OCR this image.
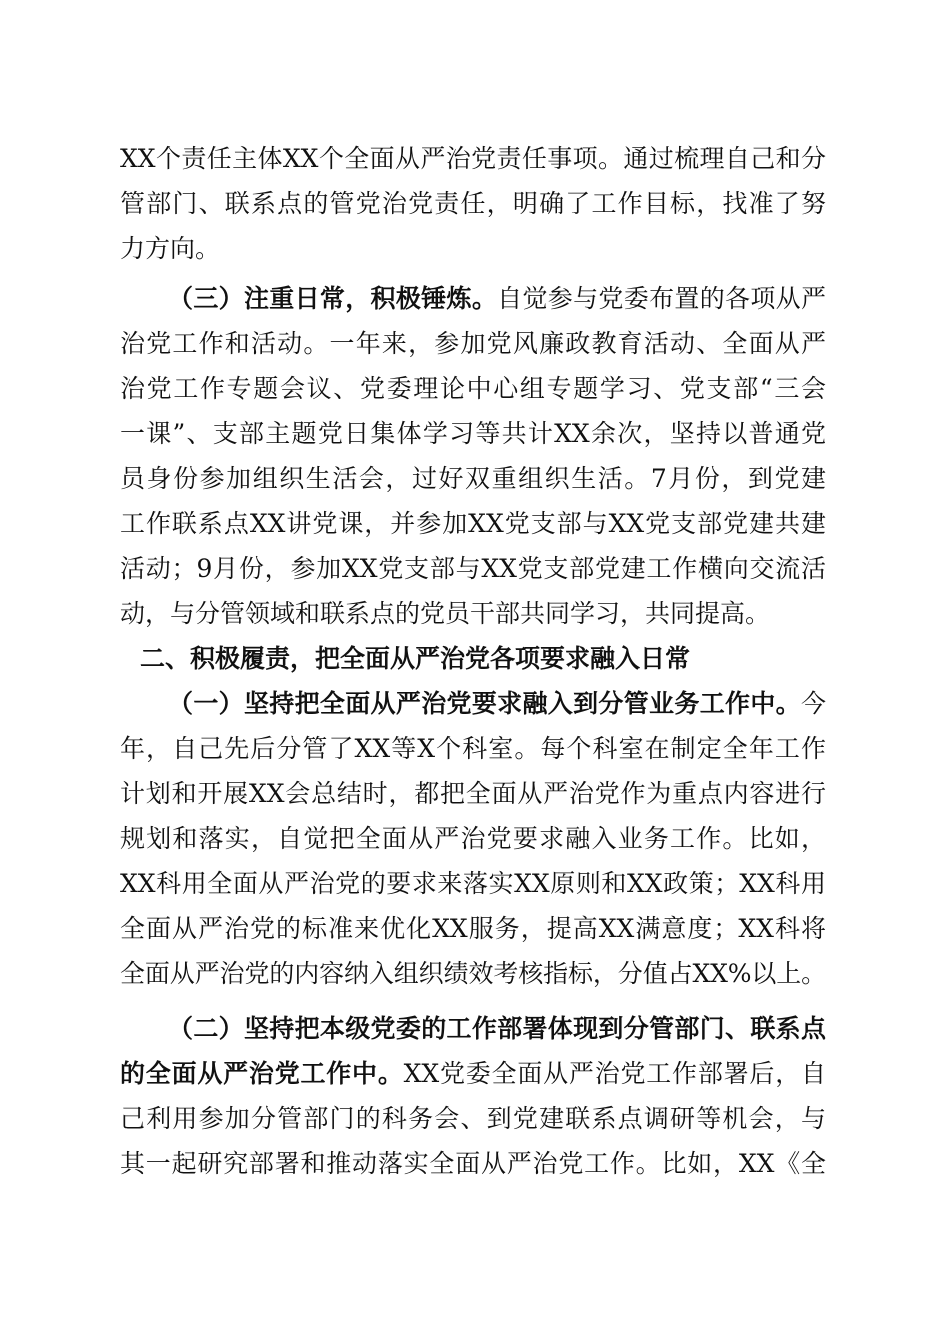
XX个责任主体XX个全面从严治党责任事项。通过梳理自己和分
管部门、联系点的管党治党责任，明确了工作目标，找准了努
力方向。
（三）注重日常，积极锤炼。自觉参与党委布置的各项从严
治党工作和活动。一年来，参加党风廉政教育活动、全面从严
治党工作专题会议、党委理论中心组专题学习、党支部“三会
一课”、支部主题党日集体学习等共计XX余次，坚持以普通党
员身份参加组织生活会，过好双重组织生活。7月份，到党建
工作联系点XX讲党课，并参加XX党支部与XX党支部党建共建
活动；9月份，参加XX党支部与XX党支部党建工作横向交流活
动，与分管领域和联系点的党员干部共同学习，共同提高。
二、积极履责，把全面从严治党各项要求融入日常
（一）坚持把全面从严治党要求融入到分管业务工作中。今
年，自己先后分管了XX等X个科室。每个科室在制定全年工作
计划和开展XX会总结时，都把全面从严治党作为重点内容进行
规划和落实，自觉把全面从严治党要求融入业务工作。比如，
XX科用全面从严治党的要求来落实XX原则和XX政策；XX科用
全面从严治党的标准来优化XX服务，提高XX满意度；XX科将
全面从严治党的内容纳入组织绩效考核指标，分值占XX%以上。
（二）坚持把本级党委的工作部署体现到分管部门、联系点
的全面从严治党工作中。XX党委全面从严治党工作部署后，自
己利用参加分管部门的科务会、到党建联系点调研等机会，与
其一起研究部署和推动落实全面从严治党工作。比如，XX《全
